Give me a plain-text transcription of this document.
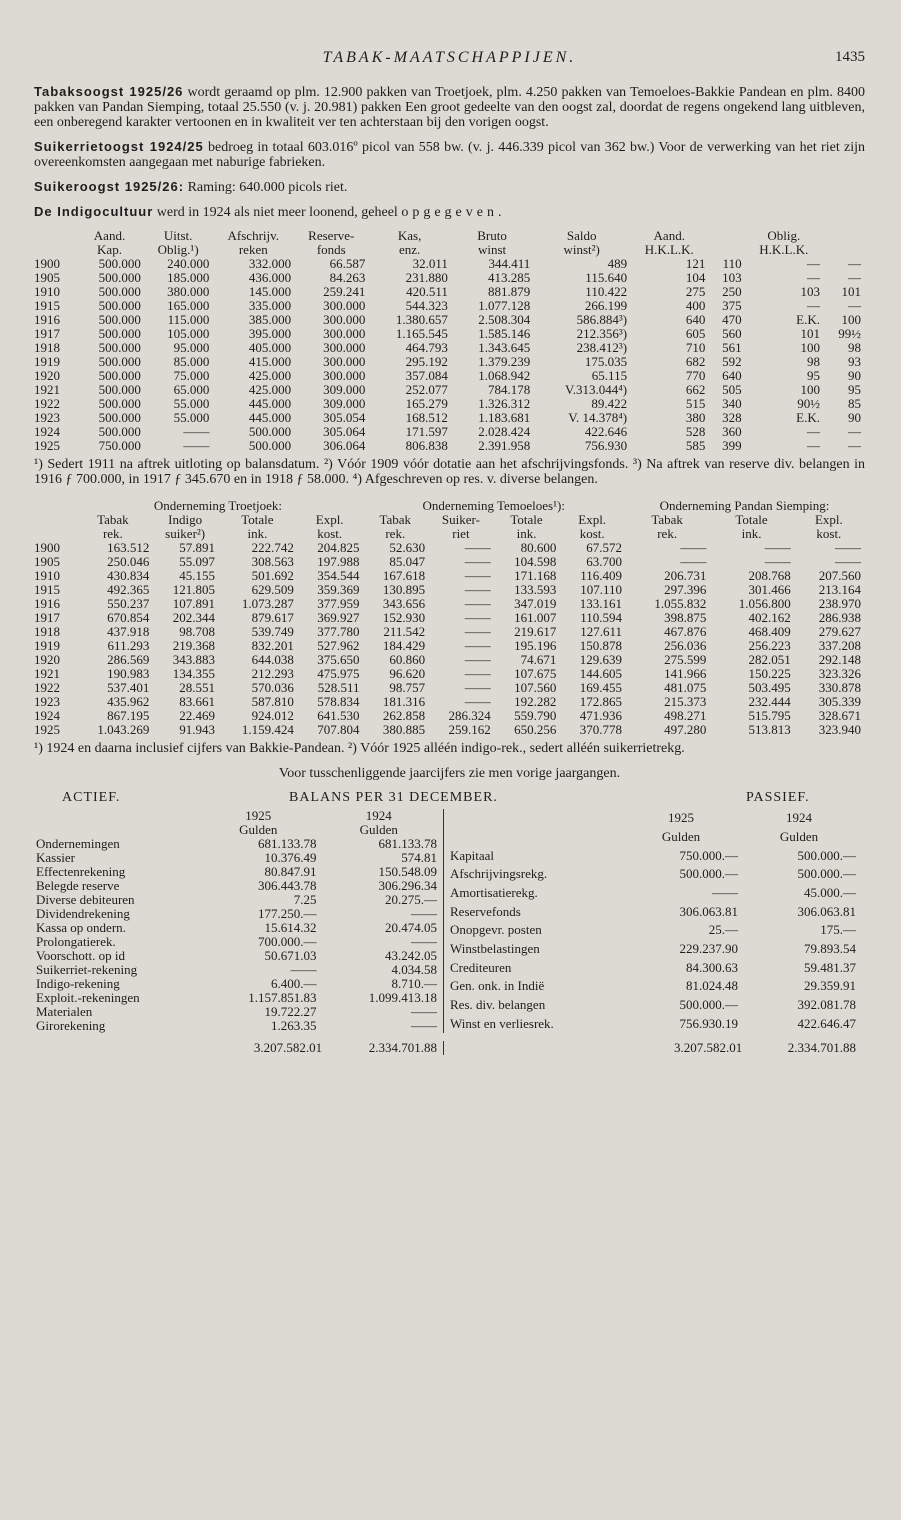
TABAK-MAATSCHAPPIJEN.	1435

Tabaksoogst 1925/26 wordt geraamd op plm. 12.900 pakken van Troetjoek, plm. 4.250 pakken van Temoeloes-Bakkie Pandean en plm. 8400 pakken van Pandan Siemping, totaal 25.550 (v. j. 20.981) pakken Een groot gedeelte van den oogst zal, doordat de regens ongekend lang uitbleven, een onberegend karakter vertoonen en in kwaliteit ver ten achterstaan bij den vorigen oogst.

Suikerrietoogst 1924/25 bedroeg in totaal 603.016º picol van 558 bw. (v. j. 446.339 picol van 362 bw.) Voor de verwerking van het riet zijn overeenkomsten aangegaan met naburige fabrieken.

Suikeroogst 1925/26: Raming: 640.000 picols riet.

De Indigocultuur werd in 1924 als niet meer loonend, geheel opgegeven.

	Aand.	Uitst.	Afschrijv.	Reserve-	Kas,	Bruto	Saldo	Aand.		Oblig.	
	Kap.	Oblig.¹)	reken	fonds	enz.	winst	winst²)	H.K.L.K.		H.K.L.K.	
1900	500.000	240.000	332.000	66.587	32.011	344.411	489	121	110	—	—
1905	500.000	185.000	436.000	84.263	231.880	413.285	115.640	104	103	—	—
1910	500.000	380.000	145.000	259.241	420.511	881.879	110.422	275	250	103	101
1915	500.000	165.000	335.000	300.000	544.323	1.077.128	266.199	400	375	—	—
1916	500.000	115.000	385.000	300.000	1.380.657	2.508.304	586.884³)	640	470	E.K.	100
1917	500.000	105.000	395.000	300.000	1.165.545	1.585.146	212.356³)	605	560	101	99½
1918	500.000	95.000	405.000	300.000	464.793	1.343.645	238.412³)	710	561	100	98
1919	500.000	85.000	415.000	300.000	295.192	1.379.239	175.035	682	592	98	93
1920	500.000	75.000	425.000	300.000	357.084	1.068.942	65.115	770	640	95	90
1921	500.000	65.000	425.000	309.000	252.077	784.178	V.313.044⁴)	662	505	100	95
1922	500.000	55.000	445.000	309.000	165.279	1.326.312	89.422	515	340	90½	85
1923	500.000	55.000	445.000	305.054	168.512	1.183.681	V. 14.378⁴)	380	328	E.K.	90
1924	500.000	——	500.000	305.064	171.597	2.028.424	422.646	528	360	—	—
1925	750.000	——	500.000	306.064	806.838	2.391.958	756.930	585	399	—	—
¹) Sedert 1911 na aftrek uitloting op balansdatum. ²) Vóór 1909 vóór dotatie aan het afschrijvingsfonds. ³) Na aftrek van reserve div. belangen in 1916 ƒ 700.000, in 1917 ƒ 345.670 en in 1918 ƒ 58.000. ⁴) Afgeschreven op res. v. diverse belangen.
	Onderneming Troetjoek:				Onderneming Temoeloes¹):				Onderneming Pandan Siemping:		
	Tabak	Indigo	Totale	Expl.	Tabak	Suiker-	Totale	Expl.	Tabak	Totale	Expl.
	rek.	suiker²)	ink.	kost.	rek.	riet	ink.	kost.	rek.	ink.	kost.
1900	163.512	57.891	222.742	204.825	52.630	——	80.600	67.572	——	——	——
1905	250.046	55.097	308.563	197.988	85.047	——	104.598	63.700	——	——	——
1910	430.834	45.155	501.692	354.544	167.618	——	171.168	116.409	206.731	208.768	207.560
1915	492.365	121.805	629.509	359.369	130.895	——	133.593	107.110	297.396	301.466	213.164
1916	550.237	107.891	1.073.287	377.959	343.656	——	347.019	133.161	1.055.832	1.056.800	238.970
1917	670.854	202.344	879.617	369.927	152.930	——	161.007	110.594	398.875	402.162	286.938
1918	437.918	98.708	539.749	377.780	211.542	——	219.617	127.611	467.876	468.409	279.627
1919	611.293	219.368	832.201	527.962	184.429	——	195.196	150.878	256.036	256.223	337.208
1920	286.569	343.883	644.038	375.650	60.860	——	74.671	129.639	275.599	282.051	292.148
1921	190.983	134.355	212.293	475.975	96.620	——	107.675	144.605	141.966	150.225	323.326
1922	537.401	28.551	570.036	528.511	98.757	——	107.560	169.455	481.075	503.495	330.878
1923	435.962	83.661	587.810	578.834	181.316	——	192.282	172.865	215.373	232.444	305.339
1924	867.195	22.469	924.012	641.530	262.858	286.324	559.790	471.936	498.271	515.795	328.671
1925	1.043.269	91.943	1.159.424	707.804	380.885	259.162	650.256	370.778	497.280	513.813	323.940
¹) 1924 en daarna inclusief cijfers van Bakkie-Pandean. ²) Vóór 1925 alléén indigo-rek., sedert alléén suikerrietrekg.
Voor tusschenliggende jaarcijfers zie men vorige jaargangen.
ACTIEF.	BALANS PER 31 DECEMBER.	PASSIEF.
	1925	1924
	Gulden	Gulden
Ondernemingen	681.133.78	681.133.78
Kassier	10.376.49	574.81
Effectenrekening	80.847.91	150.548.09
Belegde reserve	306.443.78	306.296.34
Diverse debiteuren	7.25	20.275.—
Dividendrekening	177.250.—	——
Kassa op ondern.	15.614.32	20.474.05
Prolongatierek.	700.000.—	——
Voorschott. op id	50.671.03	43.242.05
Suikerriet-rekening	——	4.034.58
Indigo-rekening	6.400.—	8.710.—
Exploit.-rekeningen	1.157.851.83	1.099.413.18
Materialen	19.722.27	——
Girorekening	1.263.35	——
	1925	1924
	Gulden	Gulden
Kapitaal	750.000.—	500.000.—
Afschrijvingsrekg.	500.000.—	500.000.—
Amortisatierekg.	——	45.000.—
Reservefonds	306.063.81	306.063.81
Onopgevr. posten	25.—	175.—
Winstbelastingen	229.237.90	79.893.54
Crediteuren	84.300.63	59.481.37
Gen. onk. in Indië	81.024.48	29.359.91
Res. div. belangen	500.000.—	392.081.78
Winst en verliesrek.	756.930.19	422.646.47
	3.207.582.01	2.334.701.88
		3.207.582.01	2.334.701.88
